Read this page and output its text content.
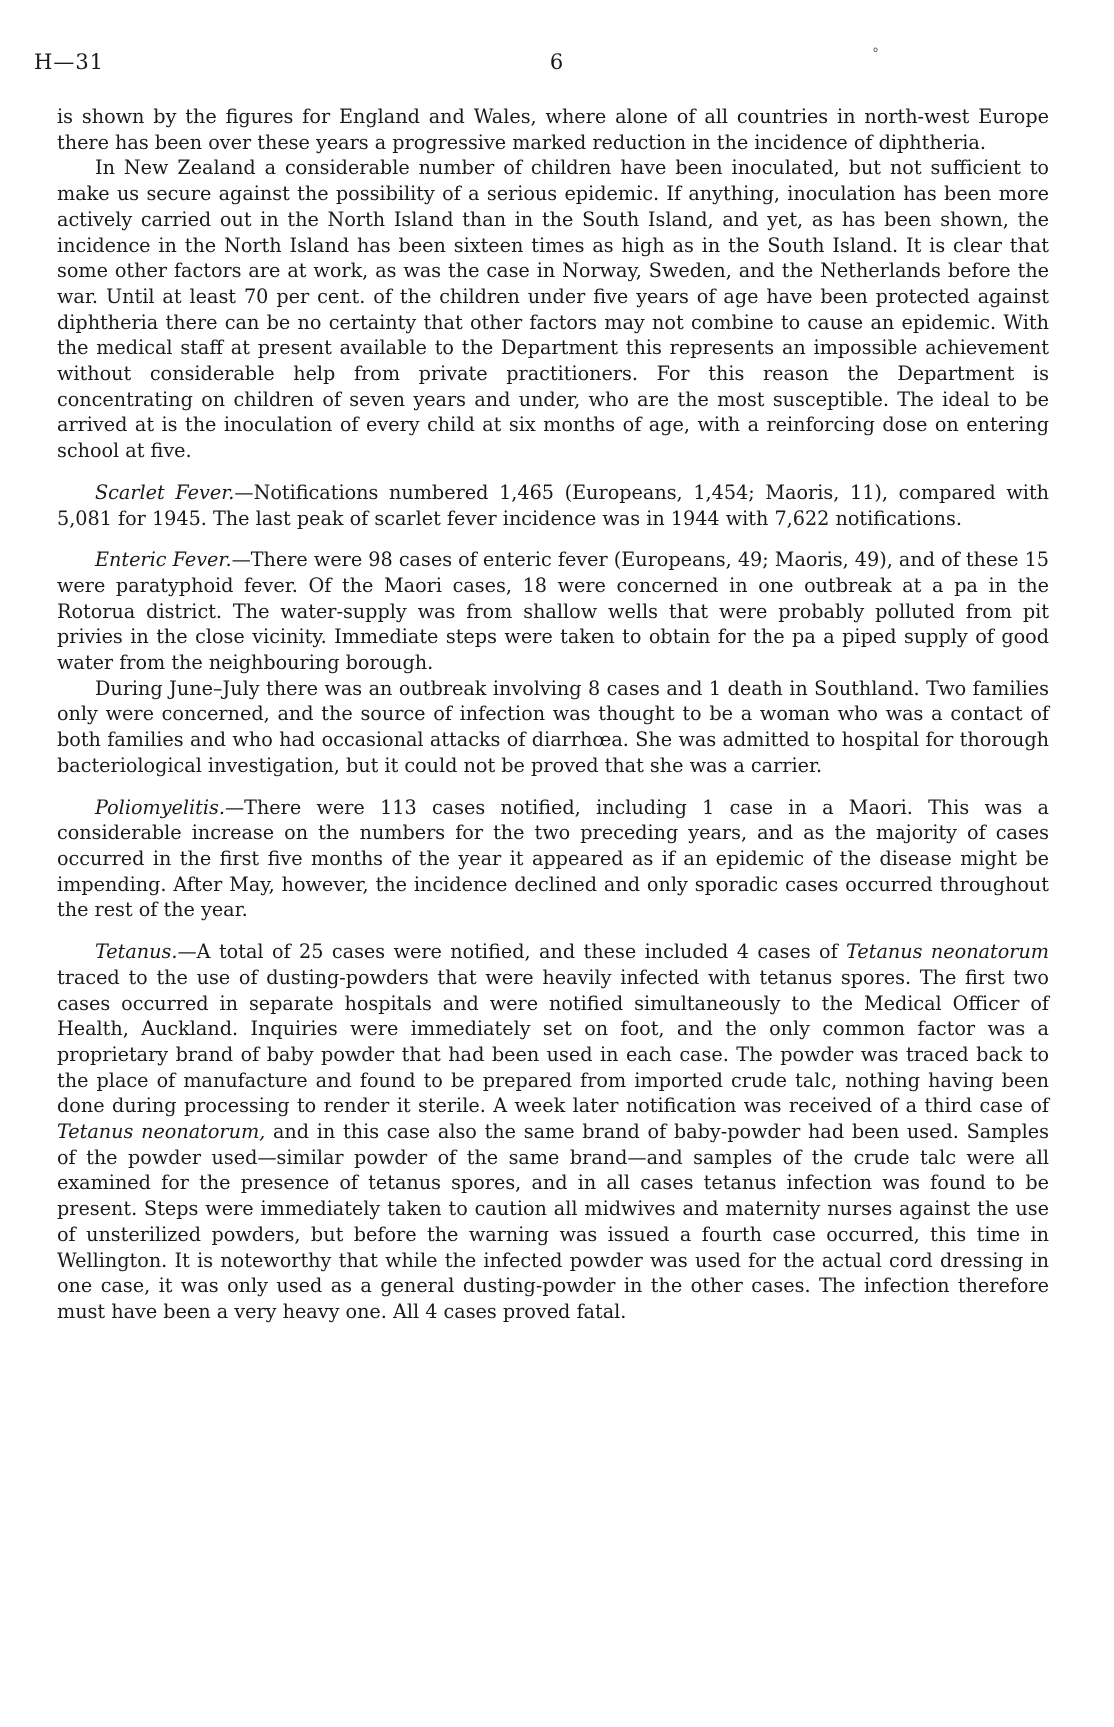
H—31	6	°

is shown by the figures for England and Wales, where alone of all countries in north-west Europe there has been over these years a progressive marked reduction in the incidence of diphtheria.

In New Zealand a considerable number of children have been inoculated, but not sufficient to make us secure against the possibility of a serious epidemic. If anything, inoculation has been more actively carried out in the North Island than in the South Island, and yet, as has been shown, the incidence in the North Island has been sixteen times as high as in the South Island. It is clear that some other factors are at work, as was the case in Norway, Sweden, and the Netherlands before the war. Until at least 70 per cent. of the children under five years of age have been protected against diphtheria there can be no certainty that other factors may not combine to cause an epidemic. With the medical staff at present available to the Department this represents an impossible achievement without considerable help from private practitioners. For this reason the Department is concentrating on children of seven years and under, who are the most susceptible. The ideal to be arrived at is the inoculation of every child at six months of age, with a reinforcing dose on entering school at five.

Scarlet Fever.—Notifications numbered 1,465 (Europeans, 1,454; Maoris, 11), compared with 5,081 for 1945. The last peak of scarlet fever incidence was in 1944 with 7,622 notifications.

Enteric Fever.—There were 98 cases of enteric fever (Europeans, 49; Maoris, 49), and of these 15 were paratyphoid fever. Of the Maori cases, 18 were concerned in one outbreak at a pa in the Rotorua district. The water-supply was from shallow wells that were probably polluted from pit privies in the close vicinity. Immediate steps were taken to obtain for the pa a piped supply of good water from the neighbouring borough.

During June–July there was an outbreak involving 8 cases and 1 death in Southland. Two families only were concerned, and the source of infection was thought to be a woman who was a contact of both families and who had occasional attacks of diarrhœa. She was admitted to hospital for thorough bacteriological investigation, but it could not be proved that she was a carrier.

Poliomyelitis.—There were 113 cases notified, including 1 case in a Maori. This was a considerable increase on the numbers for the two preceding years, and as the majority of cases occurred in the first five months of the year it appeared as if an epidemic of the disease might be impending. After May, however, the incidence declined and only sporadic cases occurred throughout the rest of the year.

Tetanus.—A total of 25 cases were notified, and these included 4 cases of Tetanus neonatorum traced to the use of dusting-powders that were heavily infected with tetanus spores. The first two cases occurred in separate hospitals and were notified simultaneously to the Medical Officer of Health, Auckland. Inquiries were immediately set on foot, and the only common factor was a proprietary brand of baby powder that had been used in each case. The powder was traced back to the place of manufacture and found to be prepared from imported crude talc, nothing having been done during processing to render it sterile. A week later notification was received of a third case of Tetanus neonatorum, and in this case also the same brand of baby-powder had been used. Samples of the powder used—similar powder of the same brand—and samples of the crude talc were all examined for the presence of tetanus spores, and in all cases tetanus infection was found to be present. Steps were immediately taken to caution all midwives and maternity nurses against the use of unsterilized powders, but before the warning was issued a fourth case occurred, this time in Wellington. It is noteworthy that while the infected powder was used for the actual cord dressing in one case, it was only used as a general dusting-powder in the other cases. The infection therefore must have been a very heavy one. All 4 cases proved fatal.
